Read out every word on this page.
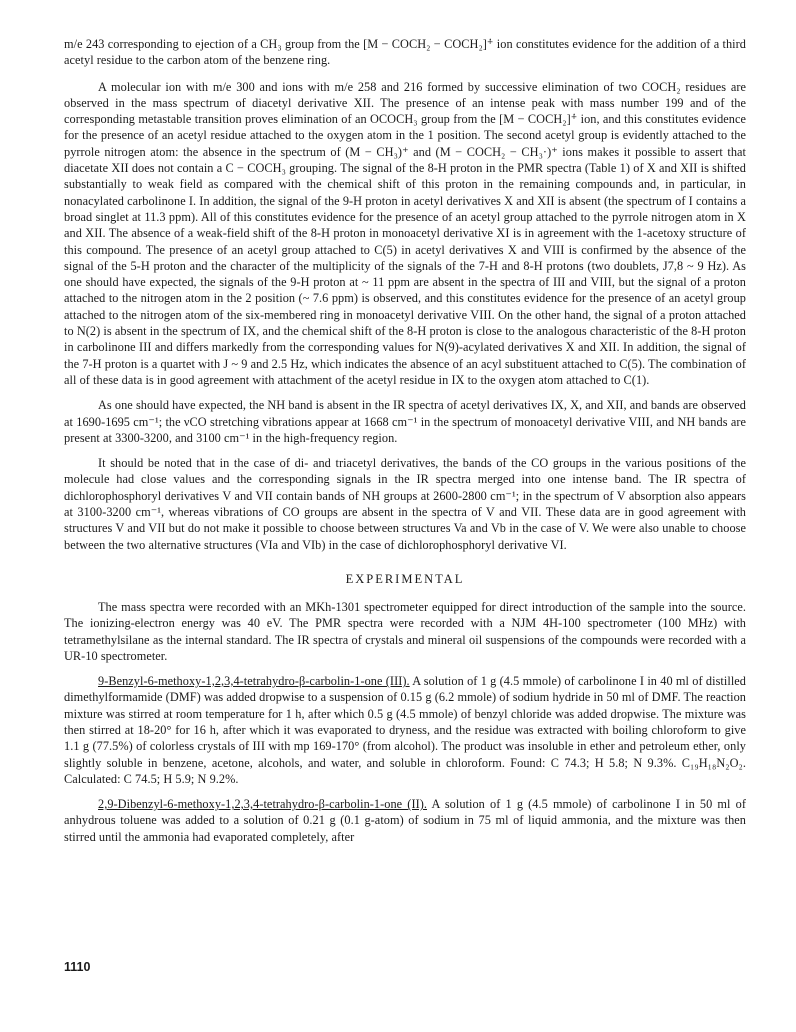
m/e 243 corresponding to ejection of a CH₃ group from the [M − COCH₂ − COCH₂]⁺̇ ion constitutes evidence for the addition of a third acetyl residue to the carbon atom of the benzene ring.

A molecular ion with m/e 300 and ions with m/e 258 and 216 formed by successive elimination of two COCH₂ residues are observed in the mass spectrum of diacetyl derivative XII. The presence of an intense peak with mass number 199 and of the corresponding metastable transition proves elimination of an OCOCH₃ group from the [M − COCH₂]⁺̇ ion, and this constitutes evidence for the presence of an acetyl residue attached to the oxygen atom in the 1 position. The second acetyl group is evidently attached to the pyrrole nitrogen atom: the absence in the spectrum of (M − CH₃)⁺ and (M − COCH₂ − CH₃·)⁺ ions makes it possible to assert that diacetate XII does not contain a C − COCH₃ grouping. The signal of the 8-H proton in the PMR spectra (Table 1) of X and XII is shifted substantially to weak field as compared with the chemical shift of this proton in the remaining compounds and, in particular, in nonacylated carbolinone I. In addition, the signal of the 9-H proton in acetyl derivatives X and XII is absent (the spectrum of I contains a broad singlet at 11.3 ppm). All of this constitutes evidence for the presence of an acetyl group attached to the pyrrole nitrogen atom in X and XII. The absence of a weak-field shift of the 8-H proton in monoacetyl derivative XI is in agreement with the 1-acetoxy structure of this compound. The presence of an acetyl group attached to C(5) in acetyl derivatives X and VIII is confirmed by the absence of the signal of the 5-H proton and the character of the multiplicity of the signals of the 7-H and 8-H protons (two doublets, J7,8 ~ 9 Hz). As one should have expected, the signals of the 9-H proton at ~ 11 ppm are absent in the spectra of III and VIII, but the signal of a proton attached to the nitrogen atom in the 2 position (~ 7.6 ppm) is observed, and this constitutes evidence for the presence of an acetyl group attached to the nitrogen atom of the six-membered ring in monoacetyl derivative VIII. On the other hand, the signal of a proton attached to N(2) is absent in the spectrum of IX, and the chemical shift of the 8-H proton is close to the analogous characteristic of the 8-H proton in carbolinone III and differs markedly from the corresponding values for N(9)-acylated derivatives X and XII. In addition, the signal of the 7-H proton is a quartet with J ~ 9 and 2.5 Hz, which indicates the absence of an acyl substituent attached to C(5). The combination of all of these data is in good agreement with attachment of the acetyl residue in IX to the oxygen atom attached to C(1).

As one should have expected, the NH band is absent in the IR spectra of acetyl derivatives IX, X, and XII, and bands are observed at 1690-1695 cm⁻¹; the νCO stretching vibrations appear at 1668 cm⁻¹ in the spectrum of monoacetyl derivative VIII, and NH bands are present at 3300-3200, and 3100 cm⁻¹ in the high-frequency region.

It should be noted that in the case of di- and triacetyl derivatives, the bands of the CO groups in the various positions of the molecule had close values and the corresponding signals in the IR spectra merged into one intense band. The IR spectra of dichlorophosphoryl derivatives V and VII contain bands of NH groups at 2600-2800 cm⁻¹; in the spectrum of V absorption also appears at 3100-3200 cm⁻¹, whereas vibrations of CO groups are absent in the spectra of V and VII. These data are in good agreement with structures V and VII but do not make it possible to choose between structures Va and Vb in the case of V. We were also unable to choose between the two alternative structures (VIa and VIb) in the case of dichlorophosphoryl derivative VI.

EXPERIMENTAL

The mass spectra were recorded with an MKh-1301 spectrometer equipped for direct introduction of the sample into the source. The ionizing-electron energy was 40 eV. The PMR spectra were recorded with a NJM 4H-100 spectrometer (100 MHz) with tetramethylsilane as the internal standard. The IR spectra of crystals and mineral oil suspensions of the compounds were recorded with a UR-10 spectrometer.

9-Benzyl-6-methoxy-1,2,3,4-tetrahydro-β-carbolin-1-one (III). A solution of 1 g (4.5 mmole) of carbolinone I in 40 ml of distilled dimethylformamide (DMF) was added dropwise to a suspension of 0.15 g (6.2 mmole) of sodium hydride in 50 ml of DMF. The reaction mixture was stirred at room temperature for 1 h, after which 0.5 g (4.5 mmole) of benzyl chloride was added dropwise. The mixture was then stirred at 18-20° for 16 h, after which it was evaporated to dryness, and the residue was extracted with boiling chloroform to give 1.1 g (77.5%) of colorless crystals of III with mp 169-170° (from alcohol). The product was insoluble in ether and petroleum ether, only slightly soluble in benzene, acetone, alcohols, and water, and soluble in chloroform. Found: C 74.3; H 5.8; N 9.3%. C₁₉H₁₈N₂O₂. Calculated: C 74.5; H 5.9; N 9.2%.

2,9-Dibenzyl-6-methoxy-1,2,3,4-tetrahydro-β-carbolin-1-one (II). A solution of 1 g (4.5 mmole) of carbolinone I in 50 ml of anhydrous toluene was added to a solution of 0.21 g (0.1 g-atom) of sodium in 75 ml of liquid ammonia, and the mixture was then stirred until the ammonia had evaporated completely, after

1110
